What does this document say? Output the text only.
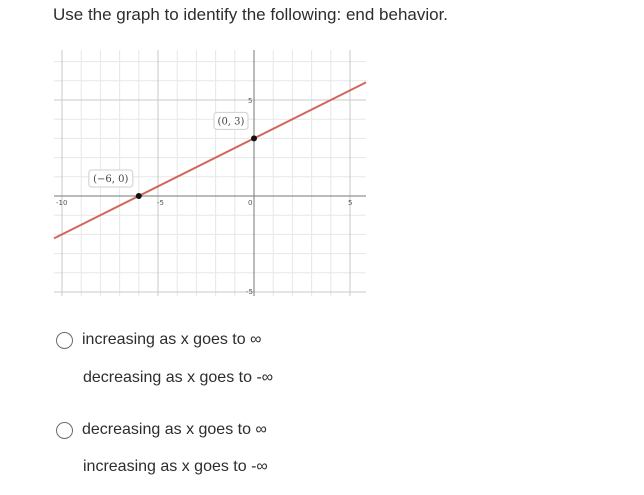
Use the graph to identify the following: end behavior.
-10	-5	0	5
5
-5
(−6, 0)
(0, 3)
increasing as x goes to ∞
decreasing as x goes to -∞
decreasing as x goes to ∞
increasing as x goes to -∞
